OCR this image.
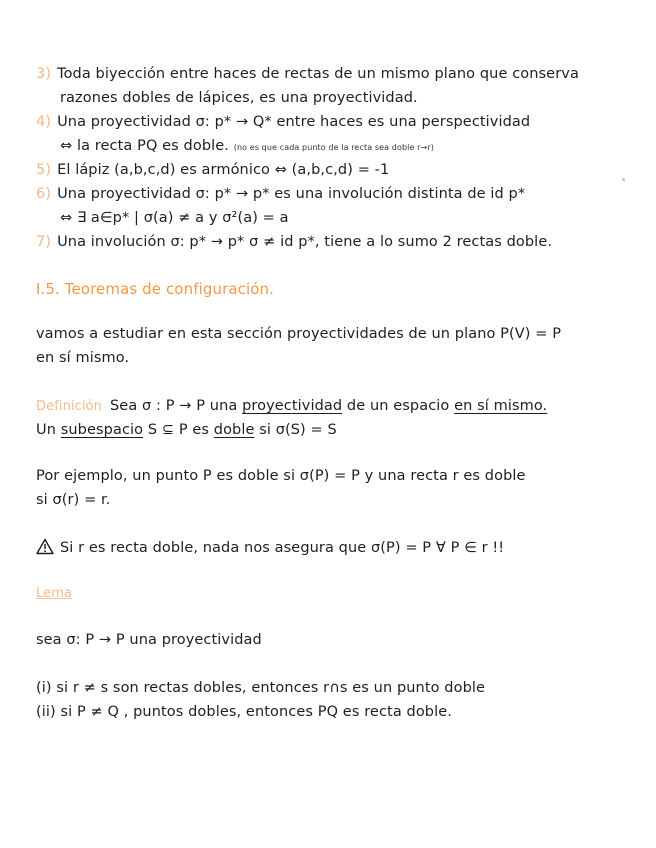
3) Toda biyección entre haces de rectas de un mismo plano que conserva
razones dobles de lápices, es una proyectividad.
4) Una proyectividad σ: p* → Q* entre haces es una perspectividad
⇔ la recta PQ es doble. (no es que cada punto de la recta sea doble r→r)
5) El lápiz (a,b,c,d) es armónico ⇔ (a,b,c,d) = -1
6) Una proyectividad σ: p* → p* es una involución distinta de id p*
⇔ ∃ a∈p* | σ(a) ≠ a y σ²(a) = a
7) Una involución σ: p* → p* σ ≠ id p*, tiene a lo sumo 2 rectas doble.
I.5. Teoremas de configuración.
vamos a estudiar en esta sección proyectividades de un plano P(V) = P
en sí mismo.
Definición Sea σ : P → P una proyectividad de un espacio en sí mismo.
Un subespacio S ⊆ P es doble si σ(S) = S
Por ejemplo, un punto P es doble si σ(P) = P y una recta r es doble
si σ(r) = r.
Si r es recta doble, nada nos asegura que σ(P) = P ∀ P ∈ r !!
Lema
sea σ: P → P una proyectividad
(i) si r ≠ s son rectas dobles, entonces r∩s es un punto doble
(ii) si P ≠ Q , puntos dobles, entonces PQ es recta doble.
